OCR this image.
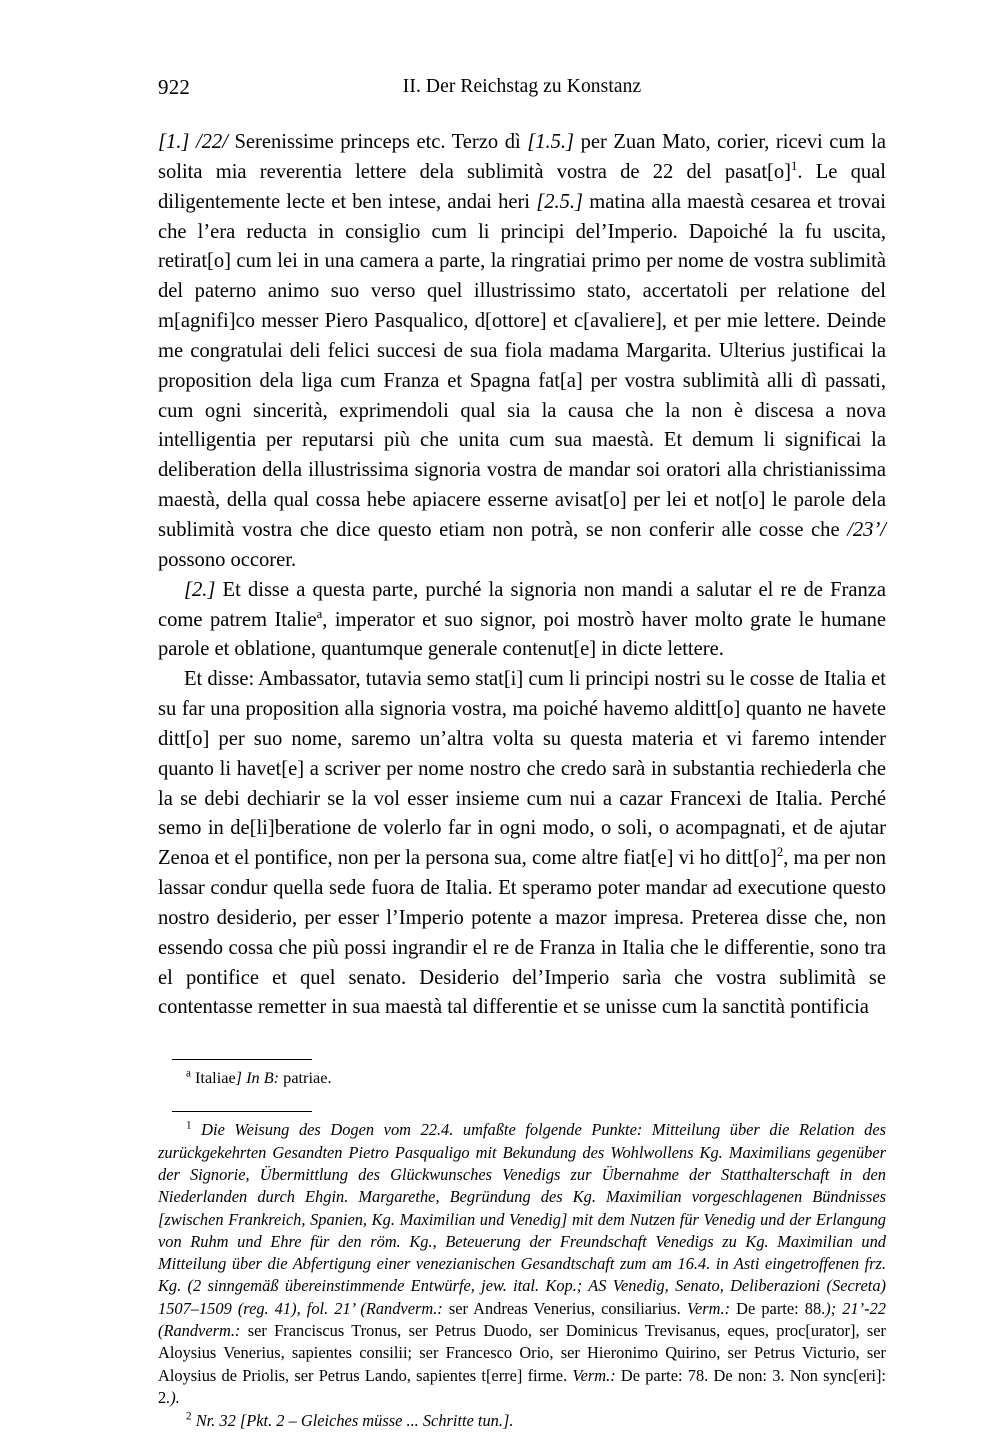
922	II. Der Reichstag zu Konstanz

[1.] /22/ Serenissime princeps etc. Terzo dì [1.5.] per Zuan Mato, corier, ricevi cum la solita mia reverentia lettere dela sublimità vostra de 22 del $pasat[o]^1$. Le qual diligentemente lecte et ben intese, andai heri [2.5.] matina alla maestà cesarea et trovai che l’era reducta in consiglio cum li principi del’Imperio. Dapoiché la fu uscita, retirat[o] cum lei in una camera a parte, la ringratiai primo per nome de vostra sublimità del paterno animo suo verso quel illustrissimo stato, accertatoli per relatione del m[agnifi]co messer Piero Pasqualico, d[ottore] et c[avaliere], et per mie lettere. Deinde me congratulai deli felici succesi de sua fiola madama Margarita. Ulterius justificai la proposition dela liga cum Franza et Spagna fat[a] per vostra sublimità alli dì passati, cum ogni sincerità, exprimendoli qual sia la causa che la non è discesa a nova intelligentia per reputarsi più che unita cum sua maestà. Et demum li significai la deliberation della illustrissima signoria vostra de mandar soi oratori alla christianissima maestà, della qual cossa hebe apiacere esserne avisat[o] per lei et not[o] le parole dela sublimità vostra che dice questo etiam non potrà, se non conferir alle cosse che /23’/ possono occorer.

[2.] Et disse a questa parte, purché la signoria non mandi a salutar el re de Franza come patrem Italie$^a$, imperator et suo signor, poi mostrò haver molto grate le humane parole et oblatione, quantumque generale contenut[e] in dicte lettere.

Et disse: Ambassator, tutavia semo stat[i] cum li principi nostri su le cosse de Italia et su far una proposition alla signoria vostra, ma poiché havemo alditt[o] quanto ne havete ditt[o] per suo nome, saremo un’altra volta su questa materia et vi faremo intender quanto li havet[e] a scriver per nome nostro che credo sarà in substantia rechiederla che la se debi dechiarir se la vol esser insieme cum nui a cazar Francexi de Italia. Perché semo in de[li]beratione de volerlo far in ogni modo, o soli, o acompagnati, et de ajutar Zenoa et el pontifice, non per la persona sua, come altre fiat[e] vi ho $ditt[o]^2$, ma per non lassar condur quella sede fuora de Italia. Et speramo poter mandar ad executione questo nostro desiderio, per esser l’Imperio potente a mazor impresa. Preterea disse che, non essendo cossa che più possi ingrandir el re de Franza in Italia che le differentie, sono tra el pontifice et quel senato. Desiderio del’Imperio sarìa che vostra sublimità se contentasse remetter in sua maestà tal differentie et se unisse cum la sanctità pontificia

$^a$ Italiae] In B: patriae.

$^1$ Die Weisung des Dogen vom 22.4. umfaßte folgende Punkte: Mitteilung über die Relation des zurückgekehrten Gesandten Pietro Pasqualigo mit Bekundung des Wohlwollens Kg. Maximilians gegenüber der Signorie, Übermittlung des Glückwunsches Venedigs zur Übernahme der Statthalterschaft in den Niederlanden durch Ehgin. Margarethe, Begründung des Kg. Maximilian vorgeschlagenen Bündnisses [zwischen Frankreich, Spanien, Kg. Maximilian und Venedig] mit dem Nutzen für Venedig und der Erlangung von Ruhm und Ehre für den röm. Kg., Beteuerung der Freundschaft Venedigs zu Kg. Maximilian und Mitteilung über die Abfertigung einer venezianischen Gesandtschaft zum am 16.4. in Asti eingetroffenen frz. Kg. (2 sinngemäß übereinstimmende Entwürfe, jew. ital. Kop.; AS Venedig, Senato, Deliberazioni (Secreta) 1507–1509 (reg. 41), fol. 21’ (Randverm.: ser Andreas Venerius, consiliarius. Verm.: De parte: 88.); 21’-22 (Randverm.: ser Franciscus Tronus, ser Petrus Duodo, ser Dominicus Trevisanus, eques, proc[urator], ser Aloysius Venerius, sapientes consilii; ser Francesco Orio, ser Hieronimo Quirino, ser Petrus Victurio, ser Aloysius de Priolis, ser Petrus Lando, sapientes t[erre] firme. Verm.: De parte: 78. De non: 3. Non sync[eri]: 2.).

$^2$ Nr. 32 [Pkt. 2 – Gleiches müsse ... Schritte tun.].
